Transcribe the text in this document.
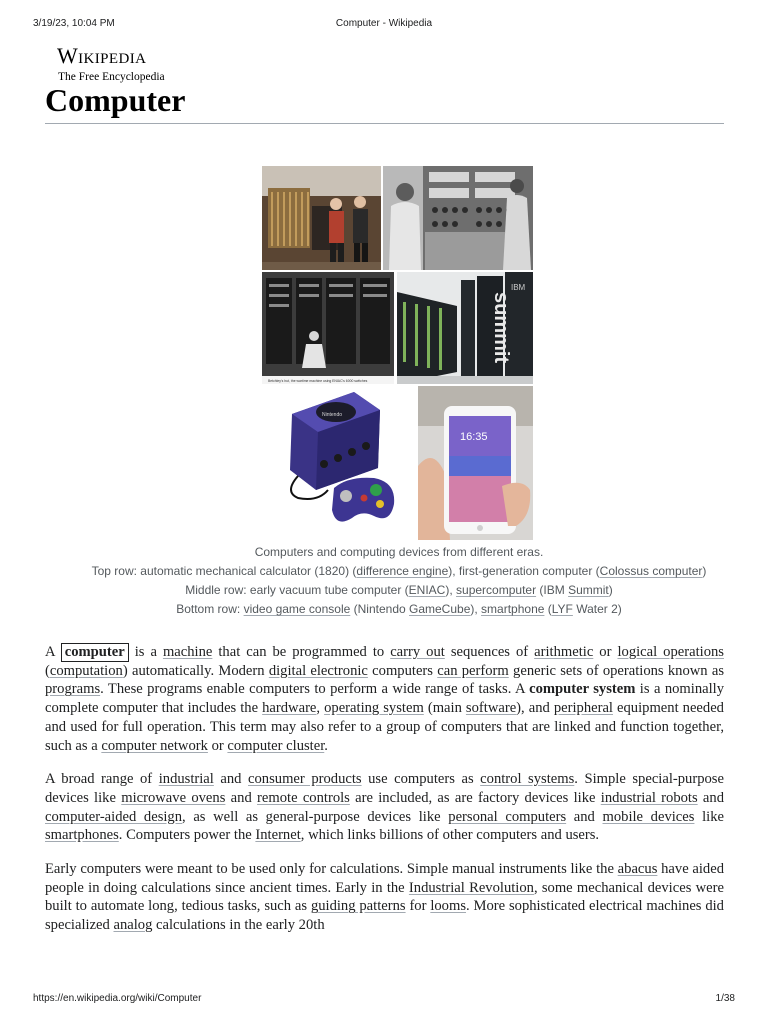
3/19/23, 10:04 PM	Computer - Wikipedia
Wikipedia
The Free Encyclopedia
Computer
Betchley's hut, the wartime machine using ENIAC's 6000 switches
summit
IBM
Nintendo
16:35
Computers and computing devices from different eras.
Top row: automatic mechanical calculator (1820) (difference engine), first-generation computer (Colossus computer)
Middle row: early vacuum tube computer (ENIAC), supercomputer (IBM Summit)
Bottom row: video game console (Nintendo GameCube), smartphone (LYF Water 2)

A computer is a machine that can be programmed to carry out sequences of arithmetic or logical operations (computation) automatically. Modern digital electronic computers can perform generic sets of operations known as programs. These programs enable computers to perform a wide range of tasks. A computer system is a nominally complete computer that includes the hardware, operating system (main software), and peripheral equipment needed and used for full operation. This term may also refer to a group of computers that are linked and function together, such as a computer network or computer cluster.

A broad range of industrial and consumer products use computers as control systems. Simple special-purpose devices like microwave ovens and remote controls are included, as are factory devices like industrial robots and computer-aided design, as well as general-purpose devices like personal computers and mobile devices like smartphones. Computers power the Internet, which links billions of other computers and users.

Early computers were meant to be used only for calculations. Simple manual instruments like the abacus have aided people in doing calculations since ancient times. Early in the Industrial Revolution, some mechanical devices were built to automate long, tedious tasks, such as guiding patterns for looms. More sophisticated electrical machines did specialized analog calculations in the early 20th

https://en.wikipedia.org/wiki/Computer	1/38
